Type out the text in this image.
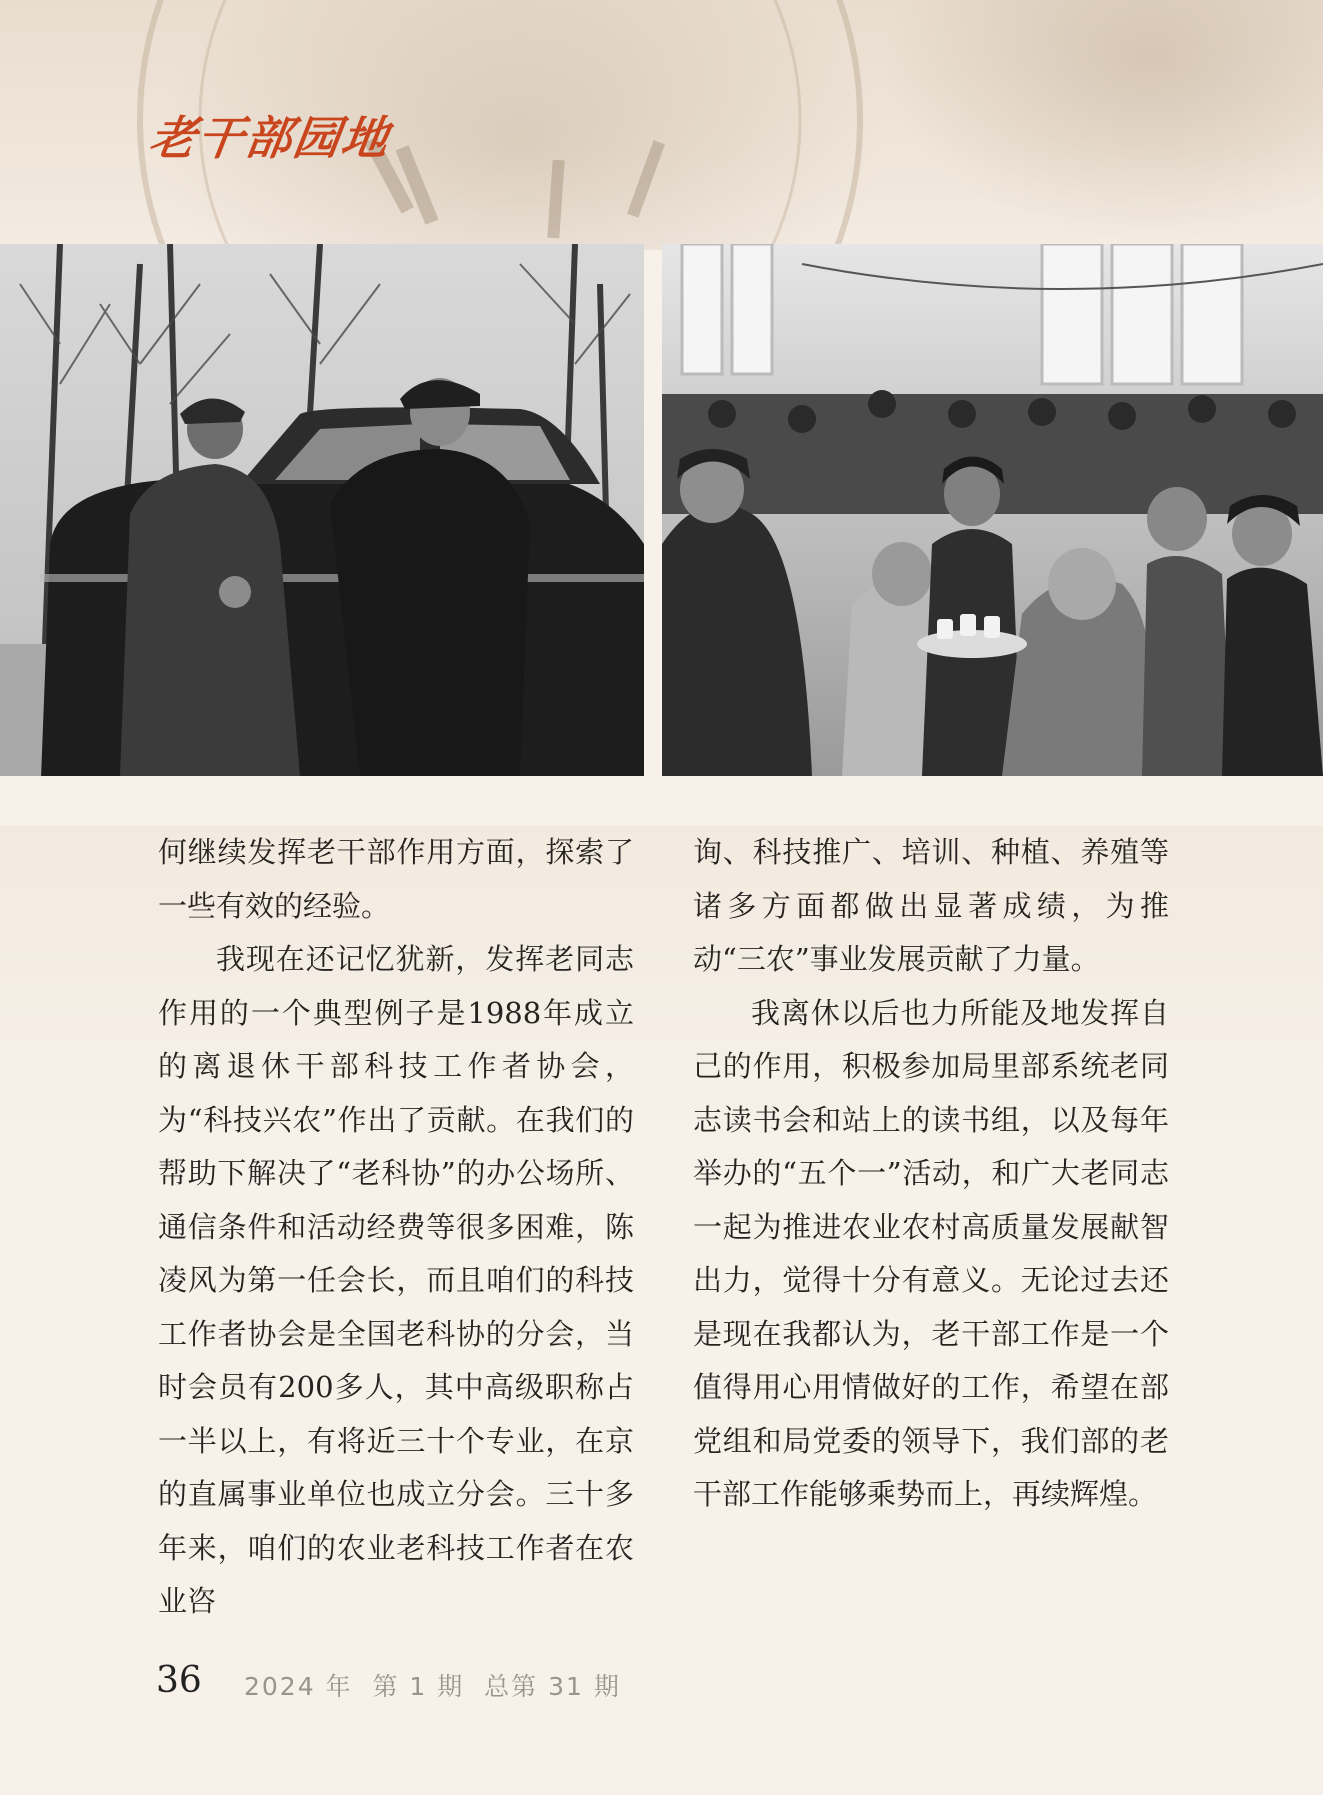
老干部园地

何继续发挥老干部作用方面，探索了一些有效的经验。

我现在还记忆犹新，发挥老同志作用的一个典型例子是1988年成立的离退休干部科技工作者协会，为“科技兴农”作出了贡献。在我们的帮助下解决了“老科协”的办公场所、通信条件和活动经费等很多困难，陈凌风为第一任会长，而且咱们的科技工作者协会是全国老科协的分会，当时会员有200多人，其中高级职称占一半以上，有将近三十个专业，在京的直属事业单位也成立分会。三十多年来，咱们的农业老科技工作者在农业咨

询、科技推广、培训、种植、养殖等诸多方面都做出显著成绩，为推动“三农”事业发展贡献了力量。

我离休以后也力所能及地发挥自己的作用，积极参加局里部系统老同志读书会和站上的读书组，以及每年举办的“五个一”活动，和广大老同志一起为推进农业农村高质量发展献智出力，觉得十分有意义。无论过去还是现在我都认为，老干部工作是一个值得用心用情做好的工作，希望在部党组和局党委的领导下，我们部的老干部工作能够乘势而上，再续辉煌。

36 2024 年  第 1 期  总第 31 期
